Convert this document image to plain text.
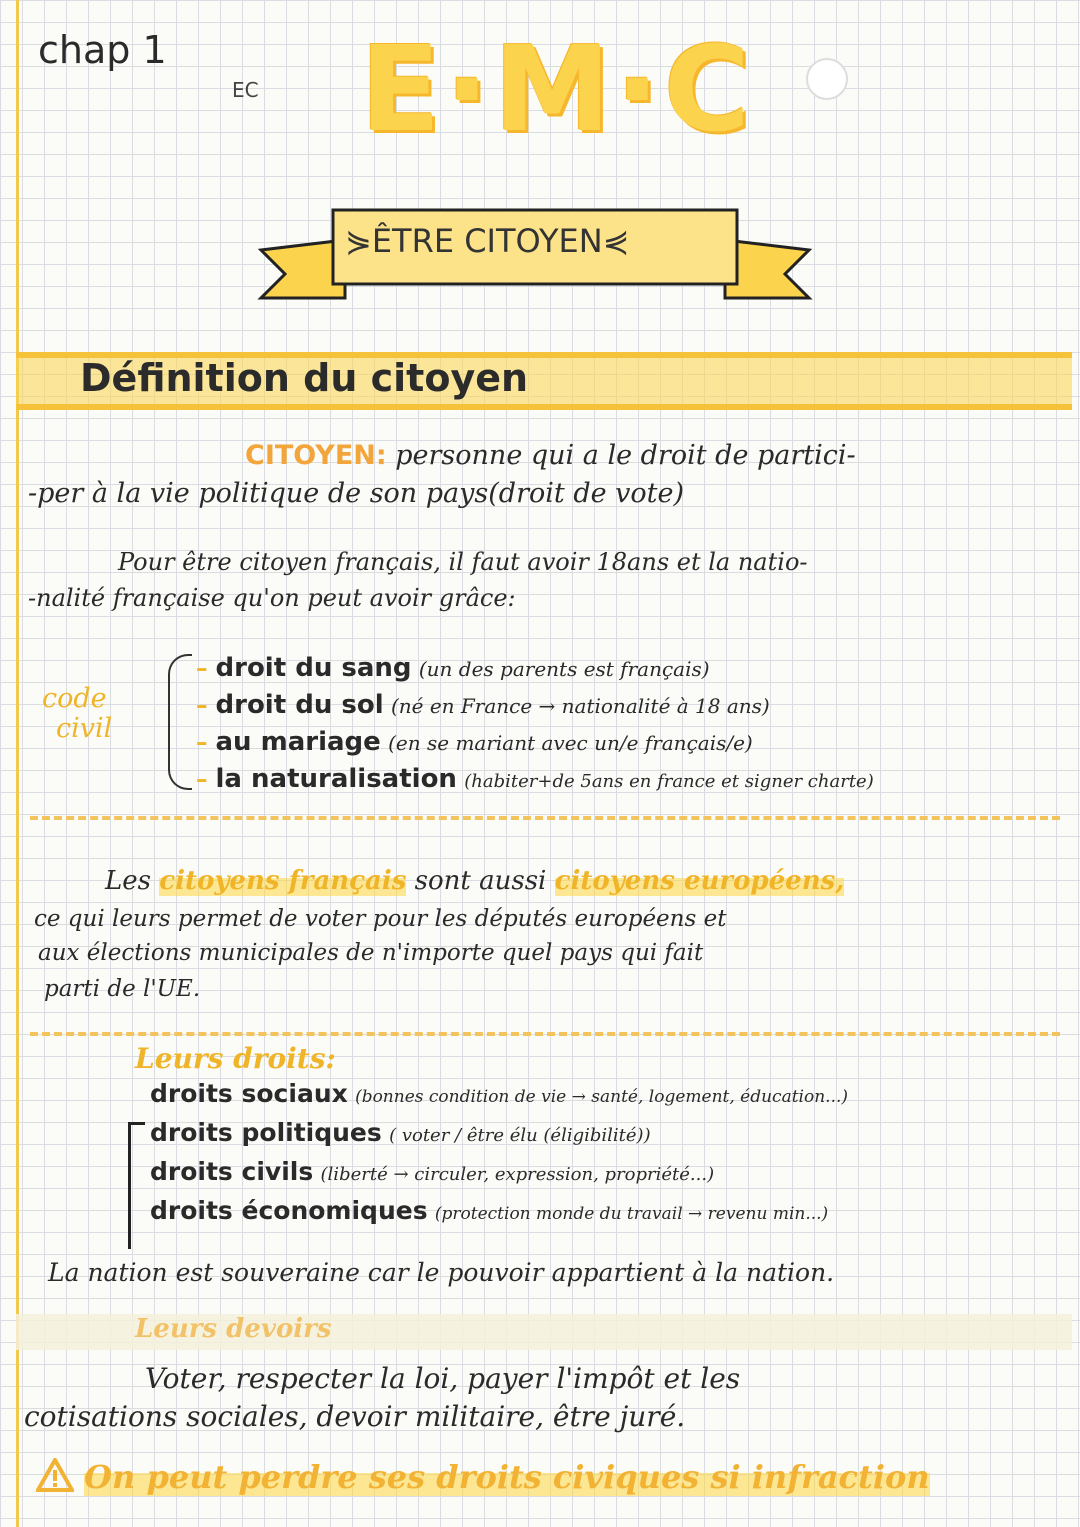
chap 1
EC E·M·C
⋟ÊTRE CITOYEN⋞
Définition du citoyen
CITOYEN: personne qui a le droit de partici-
-per à la vie politique de son pays(droit de vote)
Pour être citoyen français, il faut avoir 18ans et la natio-
-nalité française qu'on peut avoir grâce:
code
civil
– droit du sang (un des parents est français)
– droit du sol (né en France → nationalité à 18 ans)
– au mariage (en se mariant avec un/e français/e)
– la naturalisation (habiter+de 5ans en france et signer charte)
Les citoyens français sont aussi citoyens européens,
ce qui leurs permet de voter pour les députés européens et
aux élections municipales de n'importe quel pays qui fait
parti de l'UE.
Leurs droits:
droits sociaux (bonnes condition de vie → santé, logement, éducation...)
droits politiques ( voter / être élu (éligibilité))
droits civils (liberté → circuler, expression, propriété...)
droits économiques (protection monde du travail → revenu min...)
La nation est souveraine car le pouvoir appartient à la nation.
Leurs devoirs
Voter, respecter la loi, payer l'impôt et les
cotisations sociales, devoir militaire, être juré.
On peut perdre ses droits civiques si infraction
